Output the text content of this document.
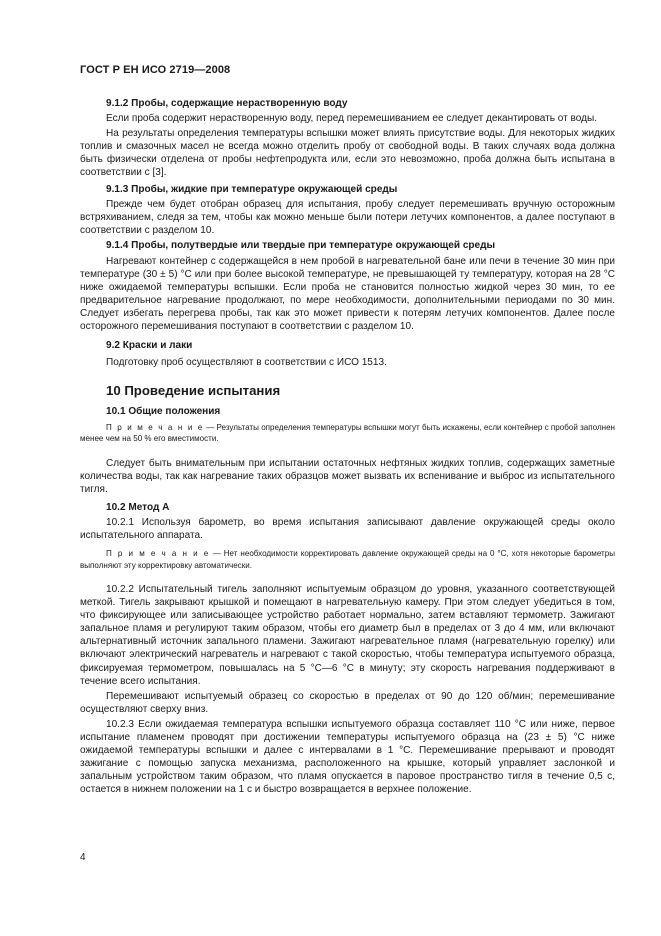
ГОСТ Р ЕН ИСО 2719—2008
9.1.2 Пробы, содержащие нерастворенную воду

Если проба содержит нерастворенную воду, перед перемешиванием ее следует декантировать от воды.

На результаты определения температуры вспышки может влиять присутствие воды. Для некоторых жидких топлив и смазочных масел не всегда можно отделить пробу от свободной воды. В таких случаях вода должна быть физически отделена от пробы нефтепродукта или, если это невозможно, проба должна быть испытана в соответствии с [3].

9.1.3 Пробы, жидкие при температуре окружающей среды

Прежде чем будет отобран образец для испытания, пробу следует перемешивать вручную осторожным встряхиванием, следя за тем, чтобы как можно меньше были потери летучих компонентов, а далее поступают в соответствии с разделом 10.

9.1.4 Пробы, полутвердые или твердые при температуре окружающей среды

Нагревают контейнер с содержащейся в нем пробой в нагревательной бане или печи в течение 30 мин при температуре (30 ± 5) °С или при более высокой температуре, не превышающей ту температуру, которая на 28 °С ниже ожидаемой температуры вспышки. Если проба не становится полностью жидкой через 30 мин, то ее предварительное нагревание продолжают, по мере необходимости, дополнительными периодами по 30 мин. Следует избегать перегрева пробы, так как это может привести к потерям летучих компонентов. Далее после осторожного перемешивания поступают в соответствии с разделом 10.

9.2 Краски и лаки

Подготовку проб осуществляют в соответствии с ИСО 1513.

10 Проведение испытания
10.1 Общие положения

П р и м е ч а н и е — Результаты определения температуры вспышки могут быть искажены, если контейнер с пробой заполнен менее чем на 50 % его вместимости.

Следует быть внимательным при испытании остаточных нефтяных жидких топлив, содержащих заметные количества воды, так как нагревание таких образцов может вызвать их вспенивание и выброс из испытательного тигля.

10.2 Метод А

10.2.1 Используя барометр, во время испытания записывают давление окружающей среды около испытательного аппарата.

П р и м е ч а н и е — Нет необходимости корректировать давление окружающей среды на 0 °С, хотя некоторые барометры выполняют эту корректировку автоматически.

10.2.2 Испытательный тигель заполняют испытуемым образцом до уровня, указанного соответствующей меткой. Тигель закрывают крышкой и помещают в нагревательную камеру. При этом следует убедиться в том, что фиксирующее или записывающее устройство работает нормально, затем вставляют термометр. Зажигают запальное пламя и регулируют таким образом, чтобы его диаметр был в пределах от 3 до 4 мм, или включают альтернативный источник запального пламени. Зажигают нагревательное пламя (нагревательную горелку) или включают электрический нагреватель и нагревают с такой скоростью, чтобы температура испытуемого образца, фиксируемая термометром, повышалась на 5 °С—6 °С в минуту; эту скорость нагревания поддерживают в течение всего испытания.

Перемешивают испытуемый образец со скоростью в пределах от 90 до 120 об/мин; перемешивание осуществляют сверху вниз.

10.2.3 Если ожидаемая температура вспышки испытуемого образца составляет 110 °С или ниже, первое испытание пламенем проводят при достижении температуры испытуемого образца на (23 ± 5) °С ниже ожидаемой температуры вспышки и далее с интервалами в 1 °С. Перемешивание прерывают и проводят зажигание с помощью запуска механизма, расположенного на крышке, который управляет заслонкой и запальным устройством таким образом, что пламя опускается в паровое пространство тигля в течение 0,5 с, остается в нижнем положении на 1 с и быстро возвращается в верхнее положение.

4
